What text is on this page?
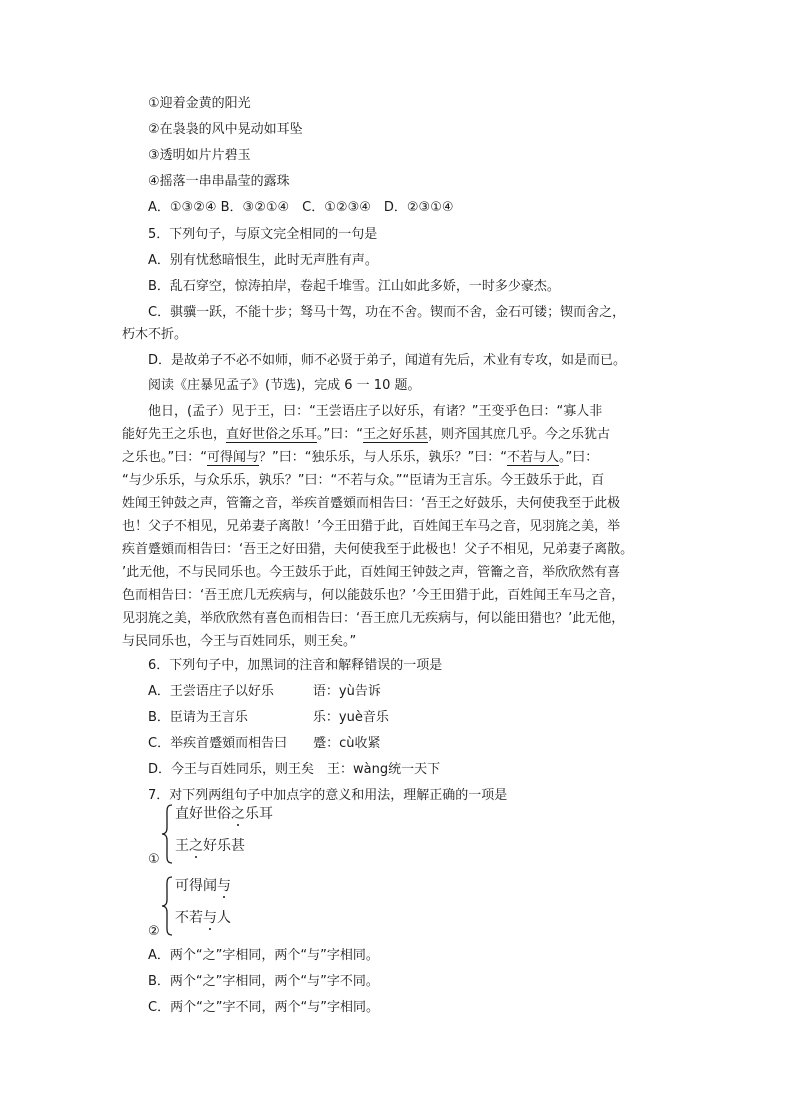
①迎着金黄的阳光
②在袅袅的风中晃动如耳坠
③透明如片片碧玉
④摇落一串串晶莹的露珠
A．①③②④ B．③②①④　C．①②③④　D．②③①④
5．下列句子，与原文完全相同的一句是
A．别有忧愁暗恨生，此时无声胜有声。
B．乱石穿空，惊涛拍岸，卷起千堆雪。江山如此多娇，一时多少豪杰。
C．骐骥一跃，不能十步；驽马十驾，功在不舍。锲而不舍，金石可镂；锲而舍之，
朽木不折。
D．是故弟子不必不如师，师不必贤于弟子，闻道有先后，术业有专攻，如是而已。
阅读《庄暴见孟子》(节选)，完成 6 一 10 题。
他日，(孟子）见于王，曰：“王尝语庄子以好乐，有诸？”王变乎色曰：“寡人非
能好先王之乐也，直好世俗之乐耳。”曰：“王之好乐甚，则齐国其庶几乎。今之乐犹古
之乐也。”曰：“可得闻与？”曰：“独乐乐，与人乐乐，孰乐？”曰：“不若与人。”曰：
“与少乐乐，与众乐乐，孰乐？”曰：“不若与众。”“臣请为王言乐。今王鼓乐于此，百
姓闻王钟鼓之声，管籥之音，举疾首蹙頞而相告曰：‘吾王之好鼓乐，夫何使我至于此极
也！父子不相见，兄弟妻子离散！’今王田猎于此，百姓闻王车马之音，见羽旄之美，举
疾首蹙頞而相告曰：‘吾王之好田猎，夫何使我至于此极也！父子不相见，兄弟妻子离散。
’此无他，不与民同乐也。今王鼓乐于此，百姓闻王钟鼓之声，管籥之音，举欣欣然有喜
色而相告曰：‘吾王庶几无疾病与，何以能鼓乐也？’今王田猎于此，百姓闻王车马之音，
见羽旄之美，举欣欣然有喜色而相告曰：‘吾王庶几无疾病与，何以能田猎也？’此无他，
与民同乐也，今王与百姓同乐，则王矣。”
6．下列句子中，加黑词的注音和解释错误的一项是
A．王尝语庄子以好乐　　　语：yù告诉
B．臣请为王言乐　　　　　乐：yuè音乐
C．举疾首蹙頞而相告曰　　蹙：cù收紧
D．今王与百姓同乐，则王矣　王：wàng统一天下
7．对下列两组句子中加点字的意义和用法，理解正确的一项是
直好世俗之乐耳
王之好乐甚
①
可得闻与
不若与人
②
A．两个“之”字相同，两个“与”字相同。
B．两个“之”字相同，两个“与”字不同。
C．两个“之”字不同，两个“与”字相同。
